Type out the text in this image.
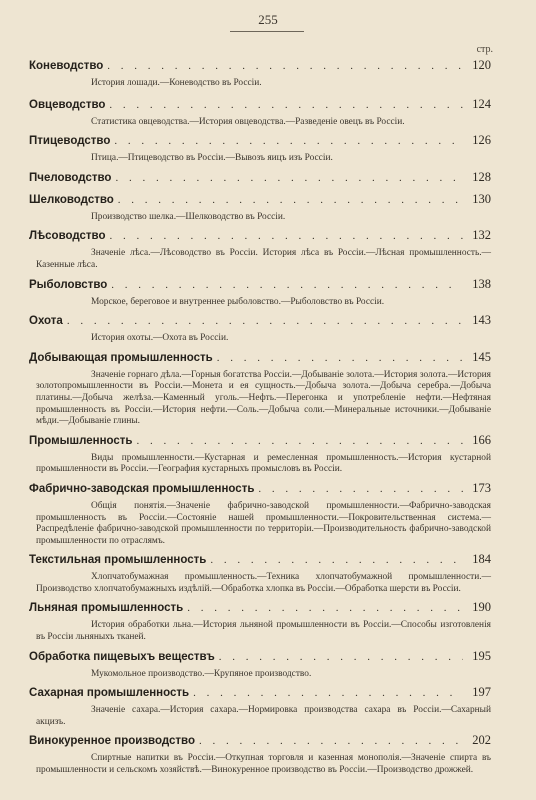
255
стр.
Коневодство . . .	120
История лошади.—Коневодство въ Россіи.
Овцеводство . . .	124
Статистика овцеводства.—История овцеводства.—Разведеніе овецъ въ Россіи.
Птицеводство . . .	126
Птица.—Птицеводство въ Россіи.—Вывозъ яицъ изъ Россіи.
Пчеловодство . . .	128
Шелководство . . .	130
Производство шелка.—Шелководство въ Россіи.
Лѣсоводство . . .	132
Значеніе лѣса.—Лѣсоводство въ Россіи. История лѣса въ Россіи.—Лѣсная промышленность.—Казенные лѣса.
Рыболовство . . .	138
Морское, береговое и внутреннее рыболовство.—Рыболовство въ Россіи.
Охота . . .	143
История охоты.—Охота въ Россіи.
Добывающая промышленность . . .	145
Значеніе горнаго дѣла.—Горныя богатства Россіи.—Добываніе золота.—История золота.—История золотопромышленности въ Россіи.—Монета и ея сущность.—Добыча золота.—Добыча серебра.—Добыча платины.—Добыча желѣза.—Каменный уголь.—Нефть.—Перегонка и употребленіе нефти.—Нефтяная промышленность въ Россіи.—История нефти.—Соль.—Добыча соли.—Минеральные источники.—Добываніе мѣди.—Добываніе глины.
Промышленность . . .	166
Виды промышленности.—Кустарная и ремесленная промышленность.—История кустарной промышленности въ Россіи.—География кустарныхъ промысловъ въ Россіи.
Фабрично-заводская промышленность . . .	173
Общія понятія.—Значеніе фабрично-заводской промышленности.—Фабрично-заводская промышленность въ Россіи.—Состояніе нашей промышленности.—Покровительственная система.—Распредѣленіе фабрично-заводской промышленности по территоріи.—Производительность фабрично-заводской промышленности по отраслямъ.
Текстильная промышленность . . .	184
Хлопчатобумажная промышленность.—Техника хлопчатобумажной промышленности.—Производство хлопчатобумажныхъ издѣлій.—Обработка хлопка въ Россіи.—Обработка шерсти въ Россіи.
Льняная промышленность . . .	190
История обработки льна.—История льняной промышленности въ Россіи.—Способы изготовленія въ Россіи льняныхъ тканей.
Обработка пищевыхъ веществъ . . .	195
Мукомольное производство.—Крупяное производство.
Сахарная промышленность . . .	197
Значеніе сахара.—История сахара.—Нормировка производства сахара въ Россіи.—Сахарный акцизъ.
Винокуренное производство . . .	202
Спиртные напитки въ Россіи.—Откупная торговля и казенная монополія.—Значеніе спирта въ промышленности и сельскомъ хозяйствѣ.—Винокуренное производство въ Россіи.—Производство дрожжей.
